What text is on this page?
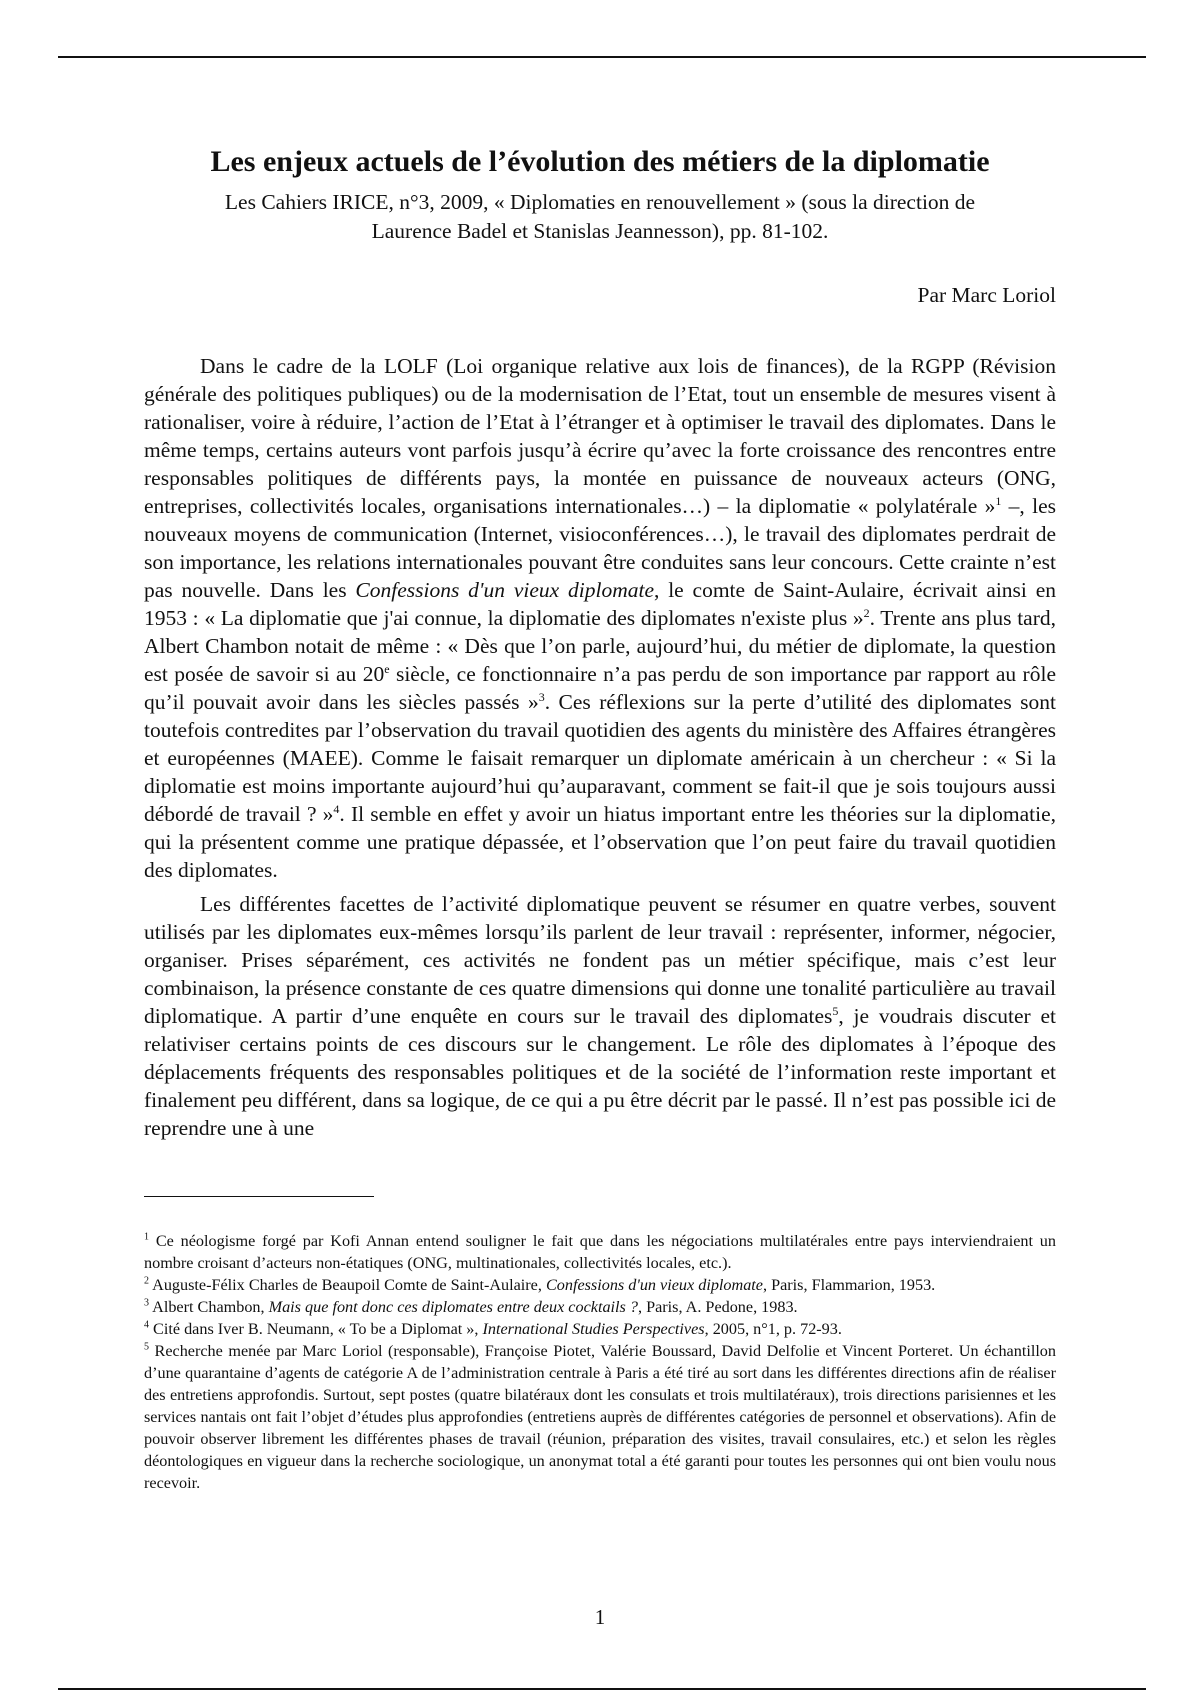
Les enjeux actuels de l’évolution des métiers de la diplomatie
Les Cahiers IRICE, n°3, 2009, « Diplomaties en renouvellement » (sous la direction de
Laurence Badel et Stanislas Jeannesson), pp. 81-102.
Par Marc Loriol

Dans le cadre de la LOLF (Loi organique relative aux lois de finances), de la RGPP (Révision générale des politiques publiques) ou de la modernisation de l’Etat, tout un ensemble de mesures visent à rationaliser, voire à réduire, l’action de l’Etat à l’étranger et à optimiser le travail des diplomates. Dans le même temps, certains auteurs vont parfois jusqu’à écrire qu’avec la forte croissance des rencontres entre responsables politiques de différents pays, la montée en puissance de nouveaux acteurs (ONG, entreprises, collectivités locales, organisations internationales…) – la diplomatie « polylatérale »$^1$ –, les nouveaux moyens de communication (Internet, visioconférences…), le travail des diplomates perdrait de son importance, les relations internationales pouvant être conduites sans leur concours. Cette crainte n’est pas nouvelle. Dans les Confessions d'un vieux diplomate, le comte de Saint-Aulaire, écrivait ainsi en 1953 : « La diplomatie que j'ai connue, la diplomatie des diplomates n'existe plus »$^2$. Trente ans plus tard, Albert Chambon notait de même : « Dès que l’on parle, aujourd’hui, du métier de diplomate, la question est posée de savoir si au 20e siècle, ce fonctionnaire n’a pas perdu de son importance par rapport au rôle qu’il pouvait avoir dans les siècles passés »$^3$. Ces réflexions sur la perte d’utilité des diplomates sont toutefois contredites par l’observation du travail quotidien des agents du ministère des Affaires étrangères et européennes (MAEE). Comme le faisait remarquer un diplomate américain à un chercheur : « Si la diplomatie est moins importante aujourd’hui qu’auparavant, comment se fait-il que je sois toujours aussi débordé de travail ? »$^4$. Il semble en effet y avoir un hiatus important entre les théories sur la diplomatie, qui la présentent comme une pratique dépassée, et l’observation que l’on peut faire du travail quotidien des diplomates.

Les différentes facettes de l’activité diplomatique peuvent se résumer en quatre verbes, souvent utilisés par les diplomates eux-mêmes lorsqu’ils parlent de leur travail : représenter, informer, négocier, organiser. Prises séparément, ces activités ne fondent pas un métier spécifique, mais c’est leur combinaison, la présence constante de ces quatre dimensions qui donne une tonalité particulière au travail diplomatique. A partir d’une enquête en cours sur le travail des diplomates$^5$, je voudrais discuter et relativiser certains points de ces discours sur le changement. Le rôle des diplomates à l’époque des déplacements fréquents des responsables politiques et de la société de l’information reste important et finalement peu différent, dans sa logique, de ce qui a pu être décrit par le passé. Il n’est pas possible ici de reprendre une à une

$^1$ Ce néologisme forgé par Kofi Annan entend souligner le fait que dans les négociations multilatérales entre pays interviendraient un nombre croisant d’acteurs non-étatiques (ONG, multinationales, collectivités locales, etc.).

$^2$ Auguste-Félix Charles de Beaupoil Comte de Saint-Aulaire, Confessions d'un vieux diplomate, Paris, Flammarion, 1953.

$^3$ Albert Chambon, Mais que font donc ces diplomates entre deux cocktails ?, Paris, A. Pedone, 1983.

$^4$ Cité dans Iver B. Neumann, « To be a Diplomat », International Studies Perspectives, 2005, n°1, p. 72-93.

$^5$ Recherche menée par Marc Loriol (responsable), Françoise Piotet, Valérie Boussard, David Delfolie et Vincent Porteret. Un échantillon d’une quarantaine d’agents de catégorie A de l’administration centrale à Paris a été tiré au sort dans les différentes directions afin de réaliser des entretiens approfondis. Surtout, sept postes (quatre bilatéraux dont les consulats et trois multilatéraux), trois directions parisiennes et les services nantais ont fait l’objet d’études plus approfondies (entretiens auprès de différentes catégories de personnel et observations). Afin de pouvoir observer librement les différentes phases de travail (réunion, préparation des visites, travail consulaires, etc.) et selon les règles déontologiques en vigueur dans la recherche sociologique, un anonymat total a été garanti pour toutes les personnes qui ont bien voulu nous recevoir.

1
